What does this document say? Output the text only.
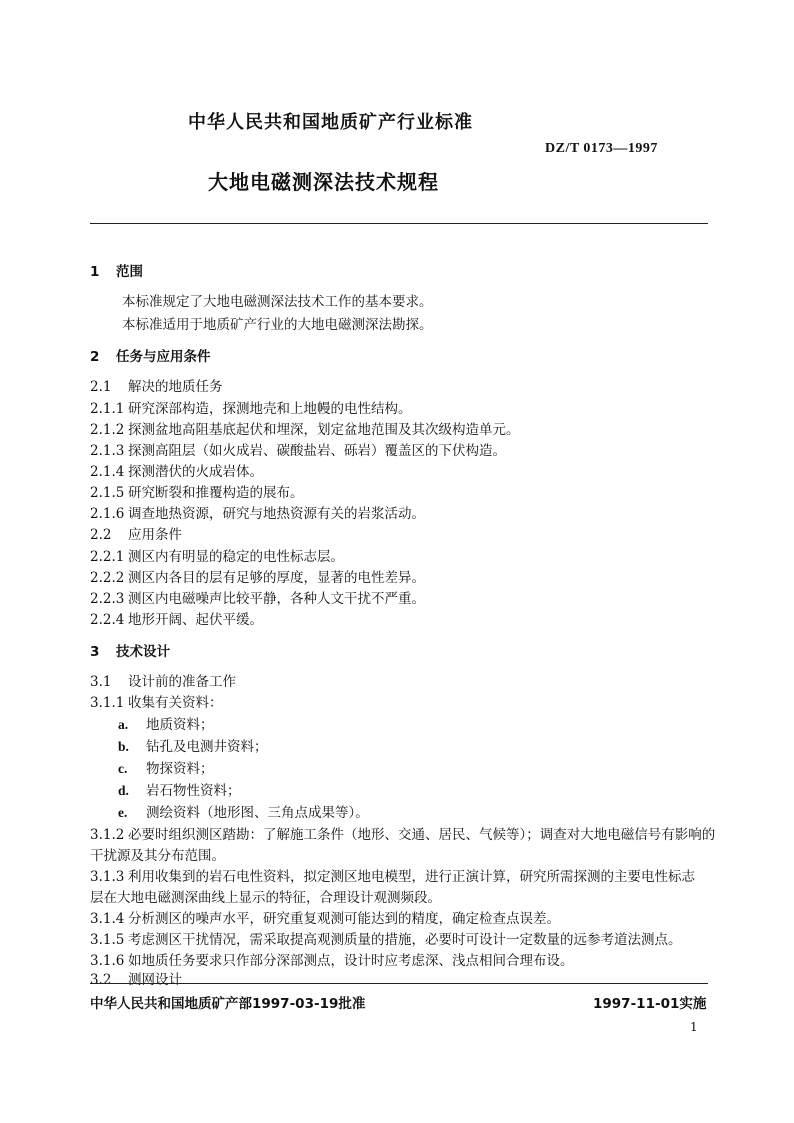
中华人民共和国地质矿产行业标准
DZ/T 0173—1997
大地电磁测深法技术规程
1 范围
本标准规定了大地电磁测深法技术工作的基本要求。
本标准适用于地质矿产行业的大地电磁测深法勘探。
2 任务与应用条件
2.1 解决的地质任务
2.1.1 研究深部构造，探测地壳和上地幔的电性结构。
2.1.2 探测盆地高阻基底起伏和埋深，划定盆地范围及其次级构造单元。
2.1.3 探测高阻层（如火成岩、碳酸盐岩、砾岩）覆盖区的下伏构造。
2.1.4 探测潜伏的火成岩体。
2.1.5 研究断裂和推覆构造的展布。
2.1.6 调查地热资源，研究与地热资源有关的岩浆活动。
2.2 应用条件
2.2.1 测区内有明显的稳定的电性标志层。
2.2.2 测区内各目的层有足够的厚度，显著的电性差异。
2.2.3 测区内电磁噪声比较平静，各种人文干扰不严重。
2.2.4 地形开阔、起伏平缓。
3 技术设计
3.1 设计前的准备工作
3.1.1 收集有关资料：
a. 地质资料；
b. 钻孔及电测井资料；
c. 物探资料；
d. 岩石物性资料；
e. 测绘资料（地形图、三角点成果等）。
3.1.2 必要时组织测区踏勘：了解施工条件（地形、交通、居民、气候等）；调查对大地电磁信号有影响的
干扰源及其分布范围。
3.1.3 利用收集到的岩石电性资料，拟定测区地电模型，进行正演计算，研究所需探测的主要电性标志
层在大地电磁测深曲线上显示的特征，合理设计观测频段。
3.1.4 分析测区的噪声水平，研究重复观测可能达到的精度，确定检查点误差。
3.1.5 考虑测区干扰情况，需采取提高观测质量的措施，必要时可设计一定数量的远参考道法测点。
3.1.6 如地质任务要求只作部分深部测点，设计时应考虑深、浅点相间合理布设。
3.2 测网设计
中华人民共和国地质矿产部1997-03-19批准	1997-11-01实施
1
